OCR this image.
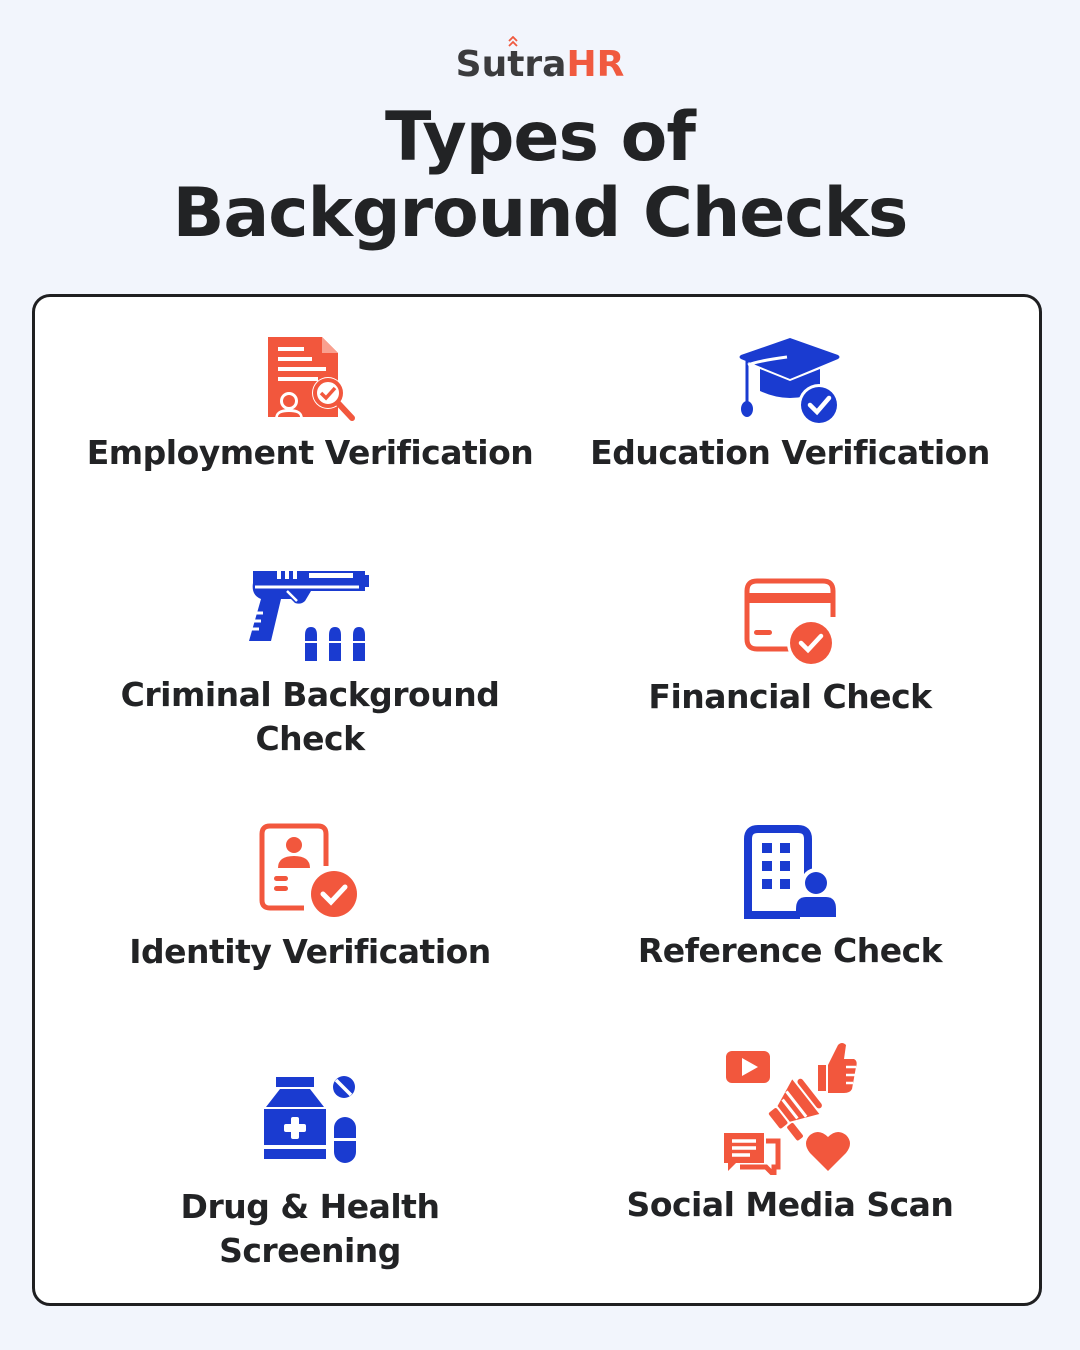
SutraHR
Types of
Background Checks
Employment Verification	Education Verification
Criminal Background
Check
Financial Check
Identity Verification	Reference Check
Drug & Health
Screening
Social Media Scan
